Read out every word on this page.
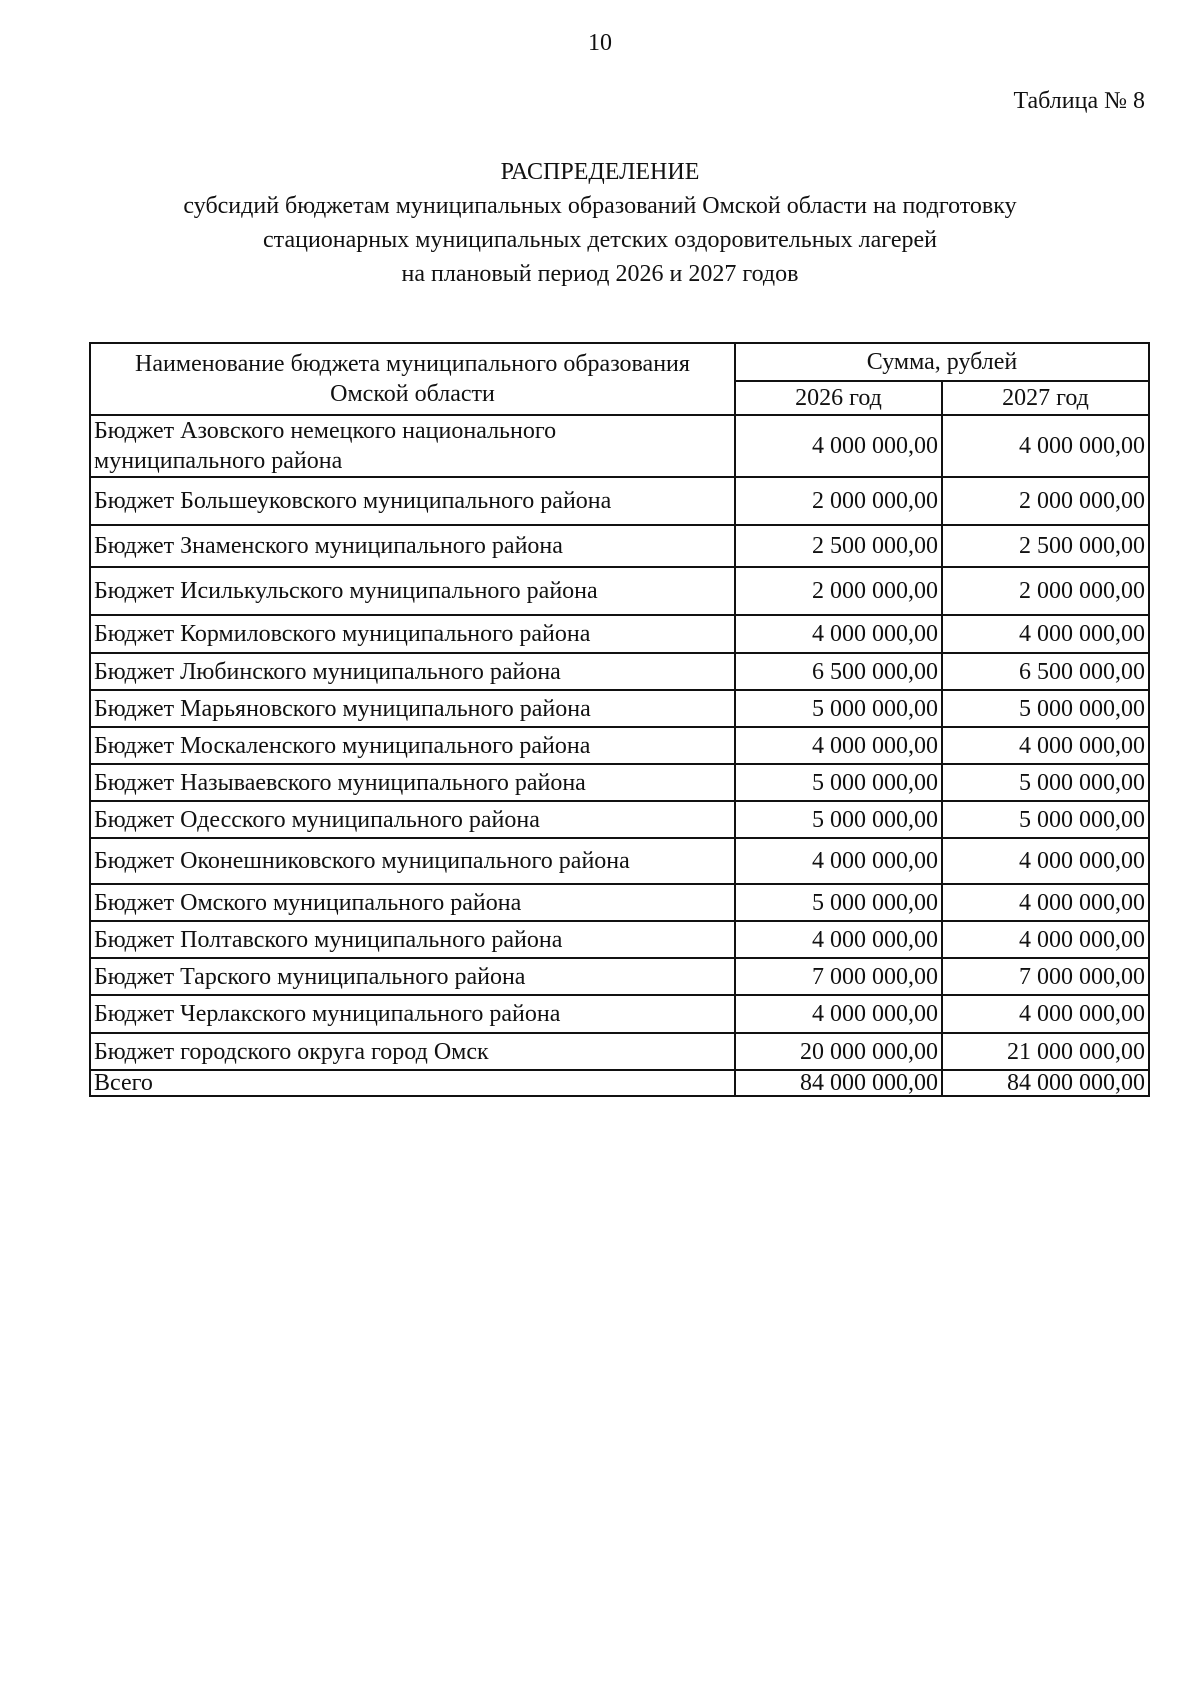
10
Таблица № 8
РАСПРЕДЕЛЕНИЕ
субсидий бюджетам муниципальных образований Омской области на подготовку
стационарных муниципальных детских оздоровительных лагерей
на плановый период 2026 и 2027 годов
Наименование бюджета муниципального образования Омской области	Сумма, рублей	
	2026 год	2027 год
Бюджет Азовского немецкого национального муниципального района	4 000 000,00	4 000 000,00
Бюджет Большеуковского муниципального района	2 000 000,00	2 000 000,00
Бюджет Знаменского муниципального района	2 500 000,00	2 500 000,00
Бюджет Исилькульского муниципального района	2 000 000,00	2 000 000,00
Бюджет Кормиловского муниципального района	4 000 000,00	4 000 000,00
Бюджет Любинского муниципального района	6 500 000,00	6 500 000,00
Бюджет Марьяновского муниципального района	5 000 000,00	5 000 000,00
Бюджет Москаленского муниципального района	4 000 000,00	4 000 000,00
Бюджет Называевского муниципального района	5 000 000,00	5 000 000,00
Бюджет Одесского муниципального района	5 000 000,00	5 000 000,00
Бюджет Оконешниковского муниципального района	4 000 000,00	4 000 000,00
Бюджет Омского муниципального района	5 000 000,00	4 000 000,00
Бюджет Полтавского муниципального района	4 000 000,00	4 000 000,00
Бюджет Тарского муниципального района	7 000 000,00	7 000 000,00
Бюджет Черлакского муниципального района	4 000 000,00	4 000 000,00
Бюджет городского округа город Омск	20 000 000,00	21 000 000,00
Всего	84 000 000,00	84 000 000,00
